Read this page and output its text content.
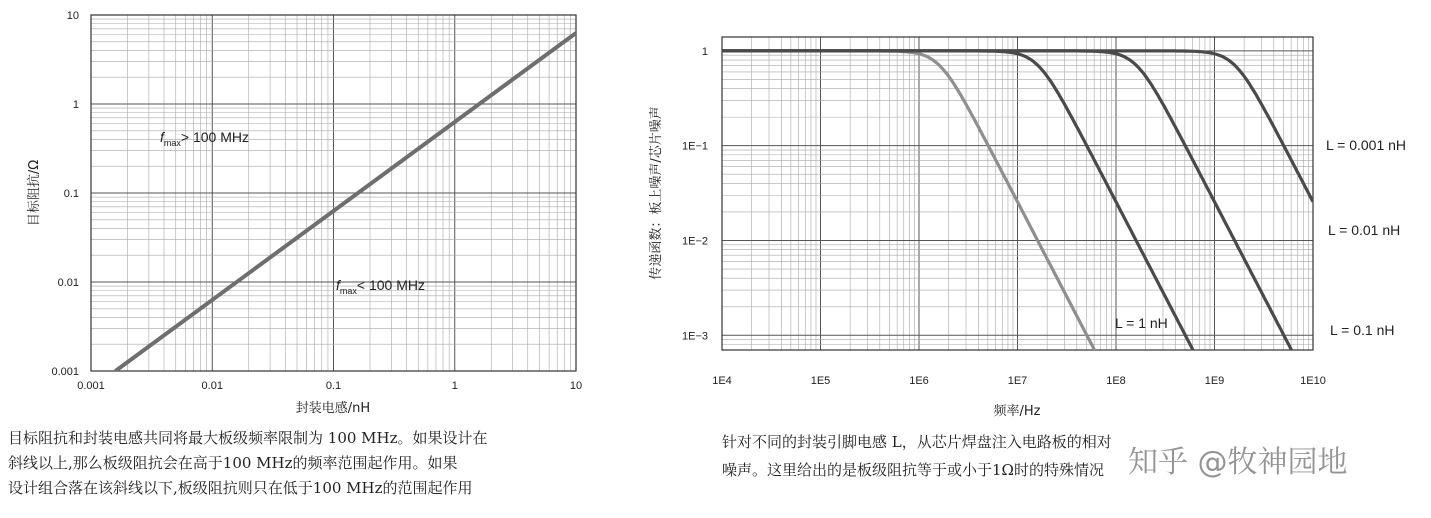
0.001	0.01	0.1	1	10
0.001
0.01
0.1
1
10
$f_{max}> 100$ MHz
$f_{max}< 100$ MHz
封装电感/nH
目标阻抗/Ω
1E4	1E5	1E6	1E7	1E8	1E9	1E10
1
1E−1
1E−2
1E−3
L = 0.001 nH
L = 0.01 nH
L = 0.1 nH
L = 1 nH
频率/Hz
传递函数：板上噪声/芯片噪声
目标阻抗和封装电感共同将最大板级频率限制为 100 MHz。如果设计在
斜线以上,那么板级阻抗会在高于100 MHz的频率范围起作用。如果
设计组合落在该斜线以下,板级阻抗则只在低于100 MHz的范围起作用
针对不同的封装引脚电感 L，从芯片焊盘注入电路板的相对
噪声。这里给出的是板级阻抗等于或小于1Ω时的特殊情况 知乎 @牧神园地
